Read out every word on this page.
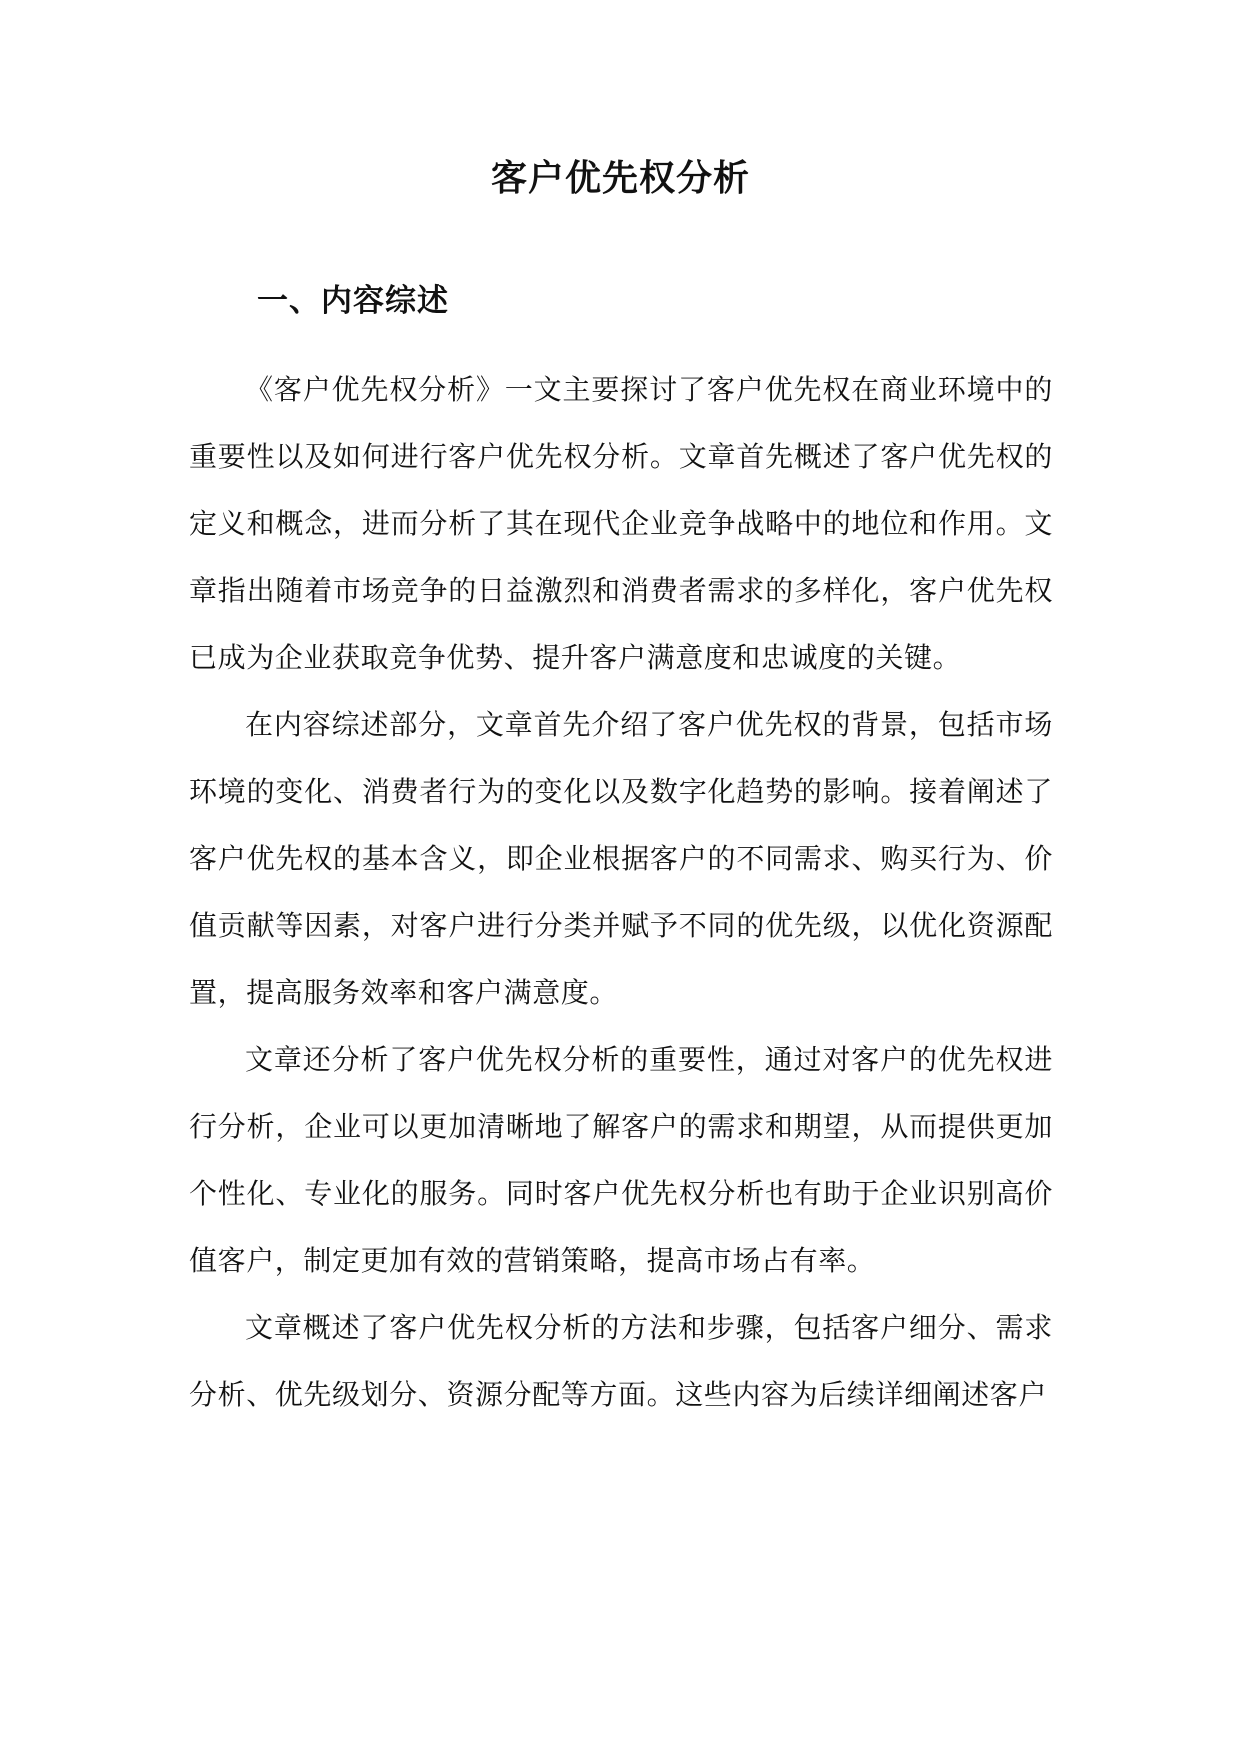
客户优先权分析
一、内容综述

《客户优先权分析》一文主要探讨了客户优先权在商业环境中的重要性以及如何进行客户优先权分析。文章首先概述了客户优先权的定义和概念，进而分析了其在现代企业竞争战略中的地位和作用。文章指出随着市场竞争的日益激烈和消费者需求的多样化，客户优先权已成为企业获取竞争优势、提升客户满意度和忠诚度的关键。

在内容综述部分，文章首先介绍了客户优先权的背景，包括市场环境的变化、消费者行为的变化以及数字化趋势的影响。接着阐述了客户优先权的基本含义，即企业根据客户的不同需求、购买行为、价值贡献等因素，对客户进行分类并赋予不同的优先级，以优化资源配置，提高服务效率和客户满意度。

文章还分析了客户优先权分析的重要性，通过对客户的优先权进行分析，企业可以更加清晰地了解客户的需求和期望，从而提供更加个性化、专业化的服务。同时客户优先权分析也有助于企业识别高价值客户，制定更加有效的营销策略，提高市场占有率。

文章概述了客户优先权分析的方法和步骤，包括客户细分、需求分析、优先级划分、资源分配等方面。这些内容为后续详细阐述客户
